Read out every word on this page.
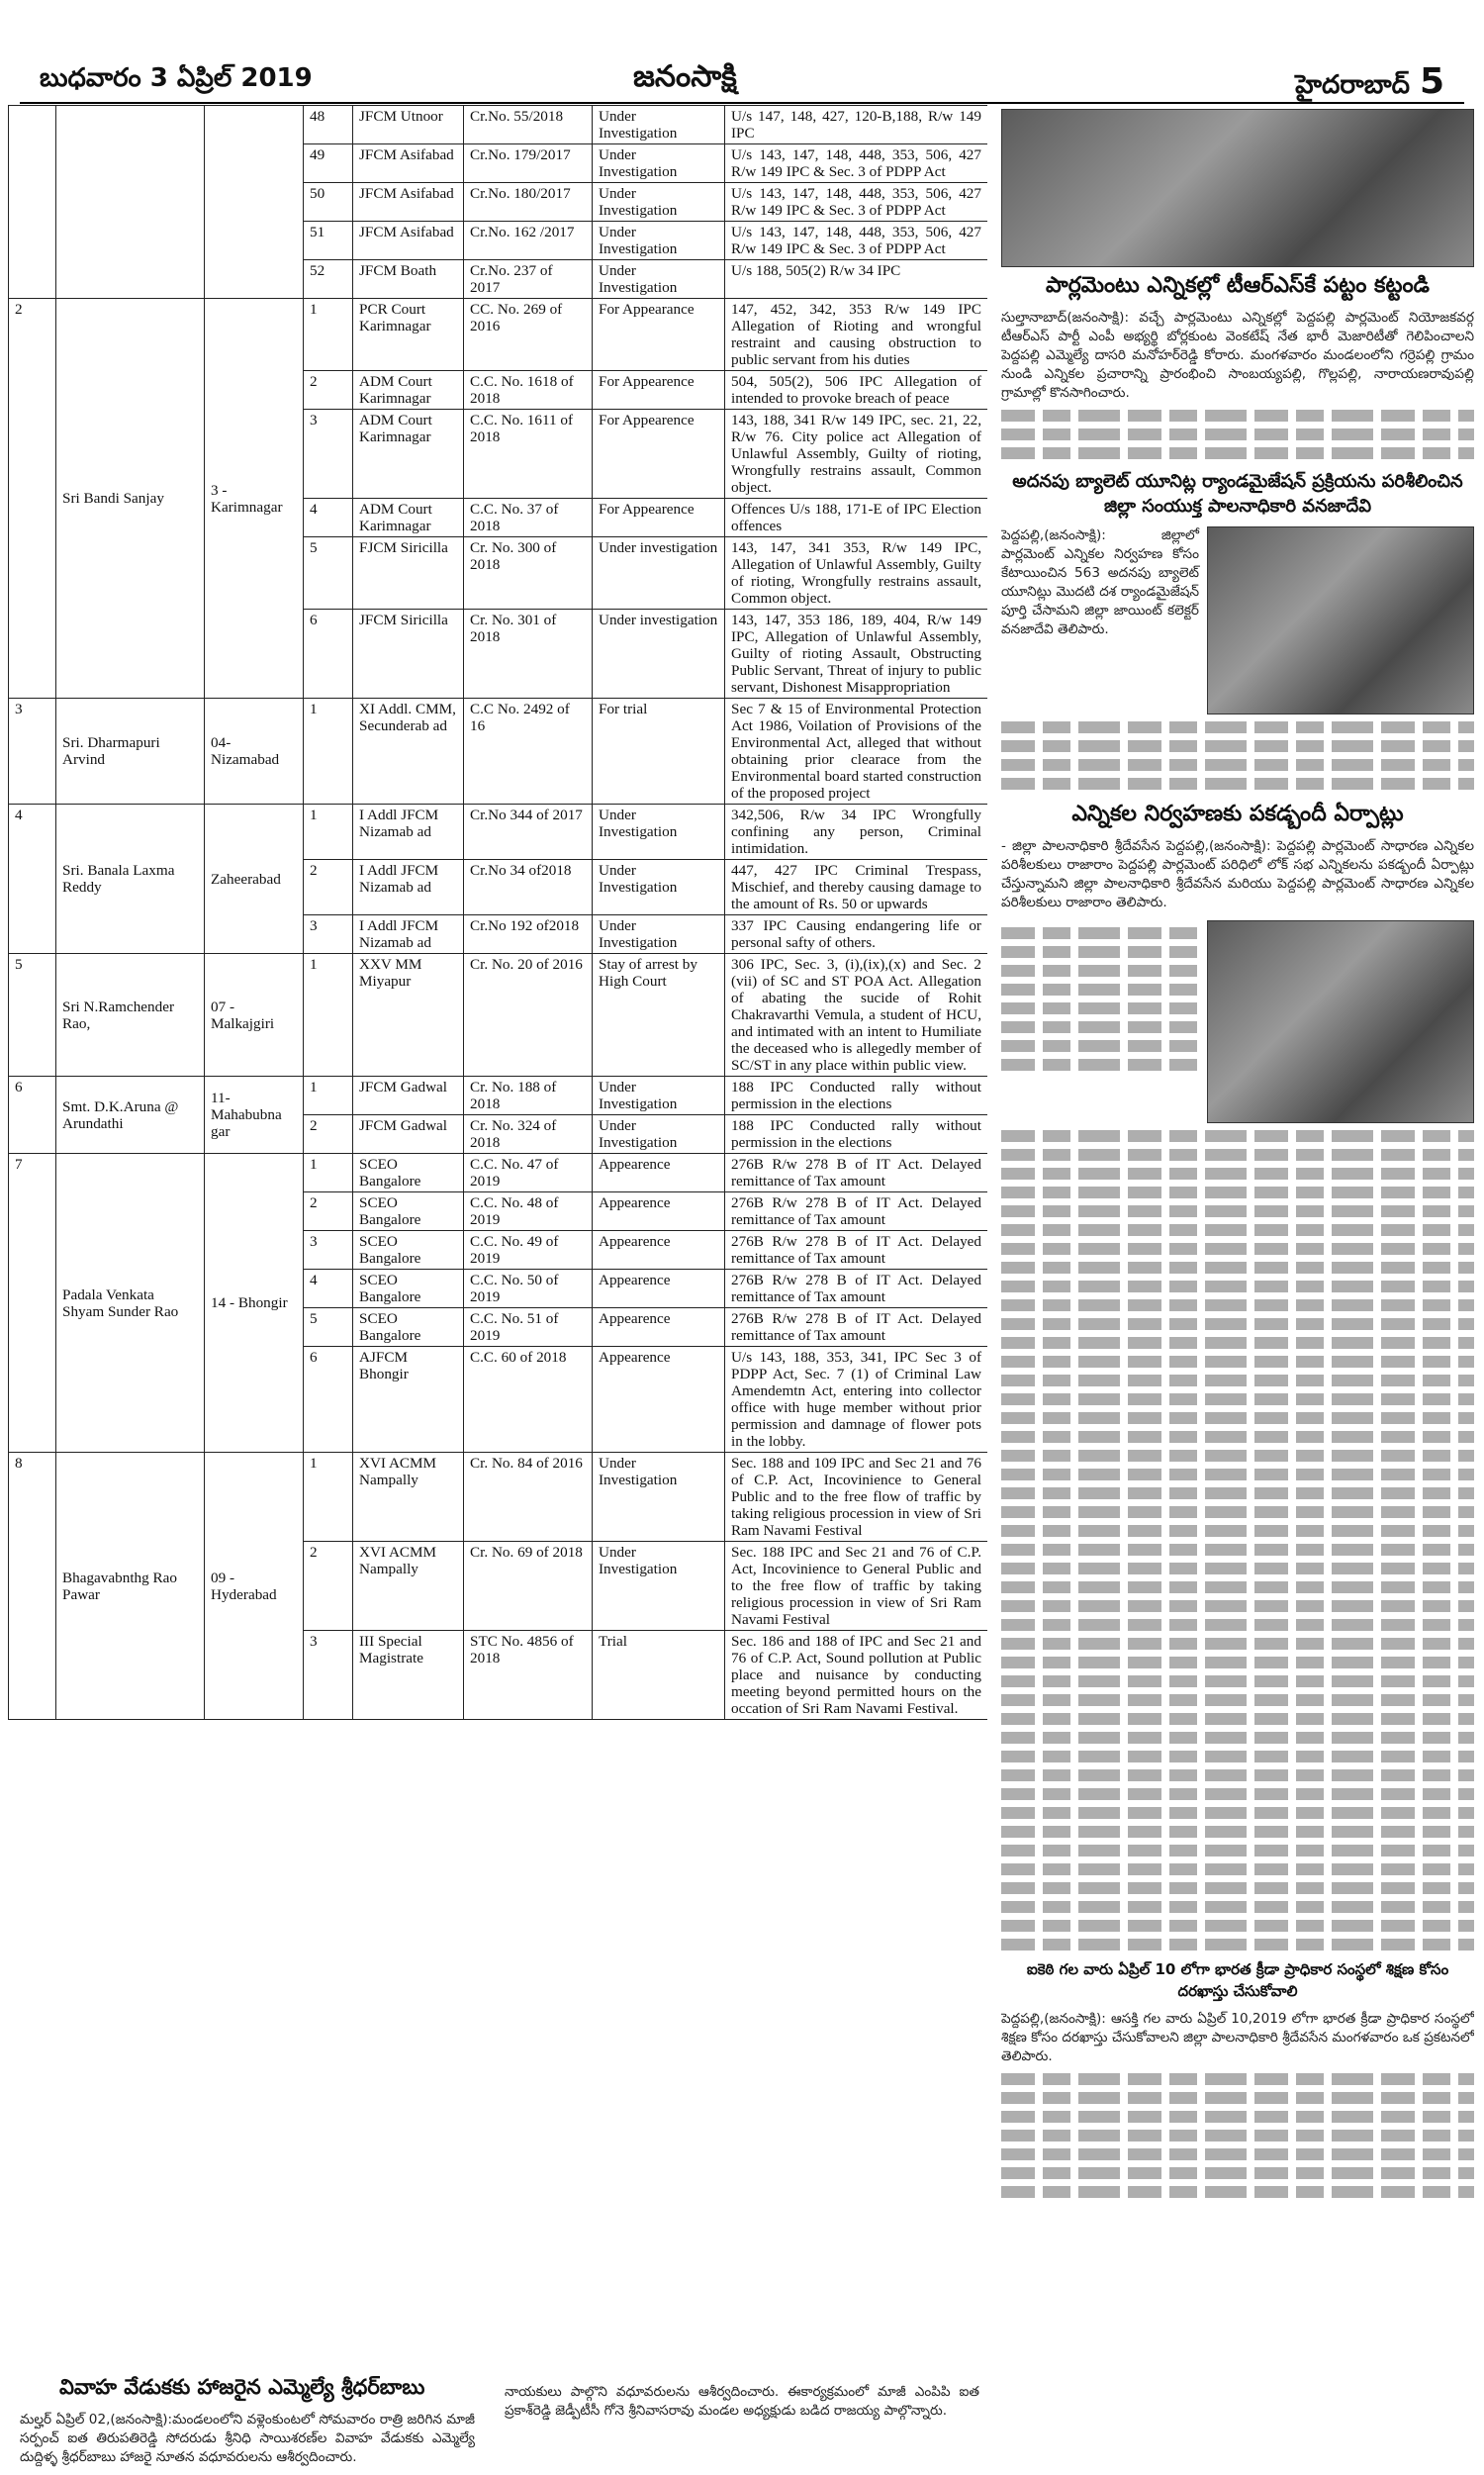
బుధవారం 3 ఏప్రిల్ 2019	జనంసాక్షి	హైదరాబాద్ 5
			48	JFCM Utnoor	Cr.No. 55/2018	Under Investigation	U/s 147, 148, 427, 120-B,188, R/w 149 IPC
			49	JFCM Asifabad	Cr.No. 179/2017	Under Investigation	U/s 143, 147, 148, 448, 353, 506, 427 R/w 149 IPC & Sec. 3 of PDPP Act
			50	JFCM Asifabad	Cr.No. 180/2017	Under Investigation	U/s 143, 147, 148, 448, 353, 506, 427 R/w 149 IPC & Sec. 3 of PDPP Act
			51	JFCM Asifabad	Cr.No. 162 /2017	Under Investigation	U/s 143, 147, 148, 448, 353, 506, 427 R/w 149 IPC & Sec. 3 of PDPP Act
			52	JFCM Boath	Cr.No. 237 of 2017	Under Investigation	U/s 188, 505(2) R/w 34 IPC
2	Sri Bandi Sanjay	3 - Karimnagar	1	PCR Court Karimnagar	CC. No. 269 of 2016	For Appearance	147, 452, 342, 353 R/w 149 IPC Allegation of Rioting and wrongful restraint and causing obstruction to public servant from his duties
			2	ADM Court Karimnagar	C.C. No. 1618 of 2018	For Appearence	504, 505(2), 506 IPC Allegation of intended to provoke breach of peace
			3	ADM Court Karimnagar	C.C. No. 1611 of 2018	For Appearence	143, 188, 341 R/w 149 IPC, sec. 21, 22, R/w 76. City police act Allegation of Unlawful Assembly, Guilty of rioting, Wrongfully restrains assault, Common object.
			4	ADM Court Karimnagar	C.C. No. 37 of 2018	For Appearence	Offences U/s 188, 171-E of IPC Election offences
			5	FJCM Siricilla	Cr. No. 300 of 2018	Under investigation	143, 147, 341 353, R/w 149 IPC, Allegation of Unlawful Assembly, Guilty of rioting, Wrongfully restrains assault, Common object.
			6	JFCM Siricilla	Cr. No. 301 of 2018	Under investigation	143, 147, 353 186, 189, 404, R/w 149 IPC, Allegation of Unlawful Assembly, Guilty of rioting Assault, Obstructing Public Servant, Threat of injury to public servant, Dishonest Misappropriation
3	Sri. Dharmapuri Arvind	04- Nizamabad	1	XI Addl. CMM, Secunderab ad	C.C No. 2492 of 16	For trial	Sec 7 & 15 of Environmental Protection Act 1986, Voilation of Provisions of the Environmental Act, alleged that without obtaining prior clearace from the Environmental board started construction of the proposed project
4	Sri. Banala Laxma Reddy	Zaheerabad	1	I Addl JFCM Nizamab ad	Cr.No 344 of 2017	Under Investigation	342,506, R/w 34 IPC Wrongfully confining any person, Criminal intimidation.
			2	I Addl JFCM Nizamab ad	Cr.No 34 of2018	Under Investigation	447, 427 IPC Criminal Trespass, Mischief, and thereby causing damage to the amount of Rs. 50 or upwards
			3	I Addl JFCM Nizamab ad	Cr.No 192 of2018	Under Investigation	337 IPC Causing endangering life or personal safty of others.
5	Sri N.Ramchender Rao,	07 - Malkajgiri	1	XXV MM Miyapur	Cr. No. 20 of 2016	Stay of arrest by High Court	306 IPC, Sec. 3, (i),(ix),(x) and Sec. 2 (vii) of SC and ST POA Act. Allegation of abating the sucide of Rohit Chakravarthi Vemula, a student of HCU, and intimated with an intent to Humiliate the deceased who is allegedly member of SC/ST in any place within public view.
6	Smt. D.K.Aruna @ Arundathi	11- Mahabubna gar	1	JFCM Gadwal	Cr. No. 188 of 2018	Under Investigation	188 IPC Conducted rally without permission in the elections
			2	JFCM Gadwal	Cr. No. 324 of 2018	Under Investigation	188 IPC Conducted rally without permission in the elections
7	Padala Venkata Shyam Sunder Rao	14 - Bhongir	1	SCEO Bangalore	C.C. No. 47 of 2019	Appearence	276B R/w 278 B of IT Act. Delayed remittance of Tax amount
			2	SCEO Bangalore	C.C. No. 48 of 2019	Appearence	276B R/w 278 B of IT Act. Delayed remittance of Tax amount
			3	SCEO Bangalore	C.C. No. 49 of 2019	Appearence	276B R/w 278 B of IT Act. Delayed remittance of Tax amount
			4	SCEO Bangalore	C.C. No. 50 of 2019	Appearence	276B R/w 278 B of IT Act. Delayed remittance of Tax amount
			5	SCEO Bangalore	C.C. No. 51 of 2019	Appearence	276B R/w 278 B of IT Act. Delayed remittance of Tax amount
			6	AJFCM Bhongir	C.C. 60 of 2018	Appearence	U/s 143, 188, 353, 341, IPC Sec 3 of PDPP Act, Sec. 7 (1) of Criminal Law Amendemtn Act, entering into collector office with huge member without prior permission and damnage of flower pots in the lobby.
8	Bhagavabnthg Rao Pawar	09 - Hyderabad	1	XVI ACMM Nampally	Cr. No. 84 of 2016	Under Investigation	Sec. 188 and 109 IPC and Sec 21 and 76 of C.P. Act, Incovinience to General Public and to the free flow of traffic by taking religious procession in view of Sri Ram Navami Festival
			2	XVI ACMM Nampally	Cr. No. 69 of 2018	Under Investigation	Sec. 188 IPC and Sec 21 and 76 of C.P. Act, Incovinience to General Public and to the free flow of traffic by taking religious procession in view of Sri Ram Navami Festival
			3	III Special Magistrate	STC No. 4856 of 2018	Trial	Sec. 186 and 188 of IPC and Sec 21 and 76 of C.P. Act, Sound pollution at Public place and nuisance by conducting meeting beyond permitted hours on the occation of Sri Ram Navami Festival.
పార్లమెంటు ఎన్నికల్లో టీఆర్‌ఎస్‌కే పట్టం కట్టండి
సుల్తానాబాద్‌(జనంసాక్షి): వచ్చే పార్లమెంటు ఎన్నికల్లో పెద్దపల్లి పార్లమెంట్‌ నియోజకవర్గ టీఆర్‌ఎస్‌ పార్టీ ఎంపీ అభ్యర్థి బోర్లకుంట వెంకటేష్‌ నేత భారీ మెజారిటీతో గెలిపించాలని పెద్దపల్లి ఎమ్మెల్యే దాసరి మనోహర్‌రెడ్డి కోరారు. మంగళవారం మండలంలోని గర్రెపల్లి గ్రామం నుండి ఎన్నికల ప్రచారాన్ని ప్రారంభించి సాంబయ్యపల్లి, గొల్లపల్లి, నారాయణరావుపల్లి గ్రామాల్లో కొనసాగించారు.
అదనపు బ్యాలెట్‌ యూనిట్ల ర్యాండమైజేషన్‌ ప్రక్రియను పరిశీలించిన జిల్లా సంయుక్త పాలనాధికారి వనజాదేవి
పెద్దపల్లి,(జనంసాక్షి): జిల్లాలో పార్లమెంట్‌ ఎన్నికల నిర్వహణ కోసం కేటాయించిన 563 అదనపు బ్యాలెట్‌ యూనిట్లు మొదటి దశ ర్యాండమైజేషన్‌ పూర్తి చేసామని జిల్లా జాయింట్‌ కలెక్టర్‌ వనజాదేవి తెలిపారు.
ఎన్నికల నిర్వహణకు పకడ్బందీ ఏర్పాట్లు
- జిల్లా పాలనాధికారి శ్రీదేవసేన పెద్దపల్లి,(జనంసాక్షి): పెద్దపల్లి పార్లమెంట్‌ సాధారణ ఎన్నికల పరిశీలకులు రాజారాం పెద్దపల్లి పార్లమెంట్‌ పరిధిలో లోక్‌ సభ ఎన్నికలను పకడ్బందీ ఏర్పాట్లు చేస్తున్నామని జిల్లా పాలనాధికారి శ్రీదేవసేన మరియు పెద్దపల్లి పార్లమెంట్‌ సాధారణ ఎన్నికల పరిశీలకులు రాజారాం తెలిపారు.
ఐకెఠి గల వారు ఏప్రిల్‌ 10 లోగా భారత క్రీడా ప్రాధికార సంస్థలో శిక్షణ కోసం దరఖాస్తు చేసుకోవాలి
పెద్దపల్లి,(జనంసాక్షి): ఆసక్తి గల వారు ఏప్రిల్‌ 10,2019 లోగా భారత క్రీడా ప్రాధికార సంస్థలో శిక్షణ కోసం దరఖాస్తు చేసుకోవాలని జిల్లా పాలనాధికారి శ్రీదేవసేన మంగళవారం ఒక ప్రకటనలో తెలిపారు.
వివాహ వేడుకకు హాజరైన ఎమ్మెల్యే శ్రీధర్‌బాబు
మల్హర్‌ ఏప్రిల్‌ 02,(జనంసాక్షి):మండలంలోని వళ్లెంకుంటలో సోమవారం రాత్రి జరిగిన మాజీ సర్పంచ్‌ ఐత తిరుపతిరెడ్డి సోదరుడు శ్రీనిధి సాయిశరణ్‌ల వివాహ వేడుకకు ఎమ్మెల్యే దుద్దిళ్ళ శ్రీధర్‌బాబు హాజరై నూతన వధూవరులను ఆశీర్వదించారు.
నాయకులు పాల్గొని వధూవరులను ఆశీర్వదించారు. ఈకార్యక్రమంలో మాజీ ఎంపిపి ఐత ప్రకాశ్‌రెడ్డి జెడ్పీటీసీ గోనె శ్రీనివాసరావు మండల అధ్యక్షుడు బడిద రాజయ్య పాల్గొన్నారు.
